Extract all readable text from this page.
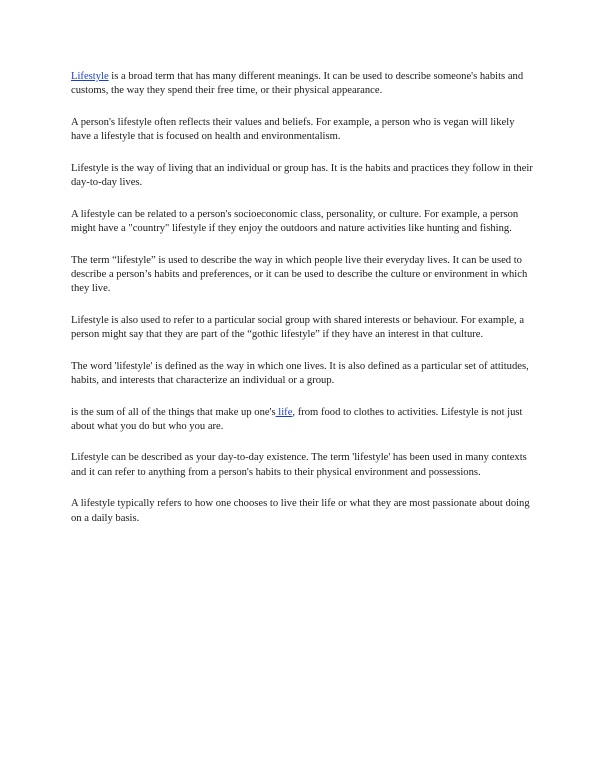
Lifestyle is a broad term that has many different meanings. It can be used to describe someone's habits and customs, the way they spend their free time, or their physical appearance.

A person's lifestyle often reflects their values and beliefs. For example, a person who is vegan will likely have a lifestyle that is focused on health and environmentalism.

Lifestyle is the way of living that an individual or group has. It is the habits and practices they follow in their day-to-day lives.

A lifestyle can be related to a person's socioeconomic class, personality, or culture. For example, a person might have a "country" lifestyle if they enjoy the outdoors and nature activities like hunting and fishing.

The term “lifestyle” is used to describe the way in which people live their everyday lives. It can be used to describe a person’s habits and preferences, or it can be used to describe the culture or environment in which they live.

Lifestyle is also used to refer to a particular social group with shared interests or behaviour. For example, a person might say that they are part of the “gothic lifestyle” if they have an interest in that culture.

The word 'lifestyle' is defined as the way in which one lives. It is also defined as a particular set of attitudes, habits, and interests that characterize an individual or a group.

is the sum of all of the things that make up one's life, from food to clothes to activities. Lifestyle is not just about what you do but who you are.

Lifestyle can be described as your day-to-day existence. The term 'lifestyle' has been used in many contexts and it can refer to anything from a person's habits to their physical environment and possessions.

A lifestyle typically refers to how one chooses to live their life or what they are most passionate about doing on a daily basis.
